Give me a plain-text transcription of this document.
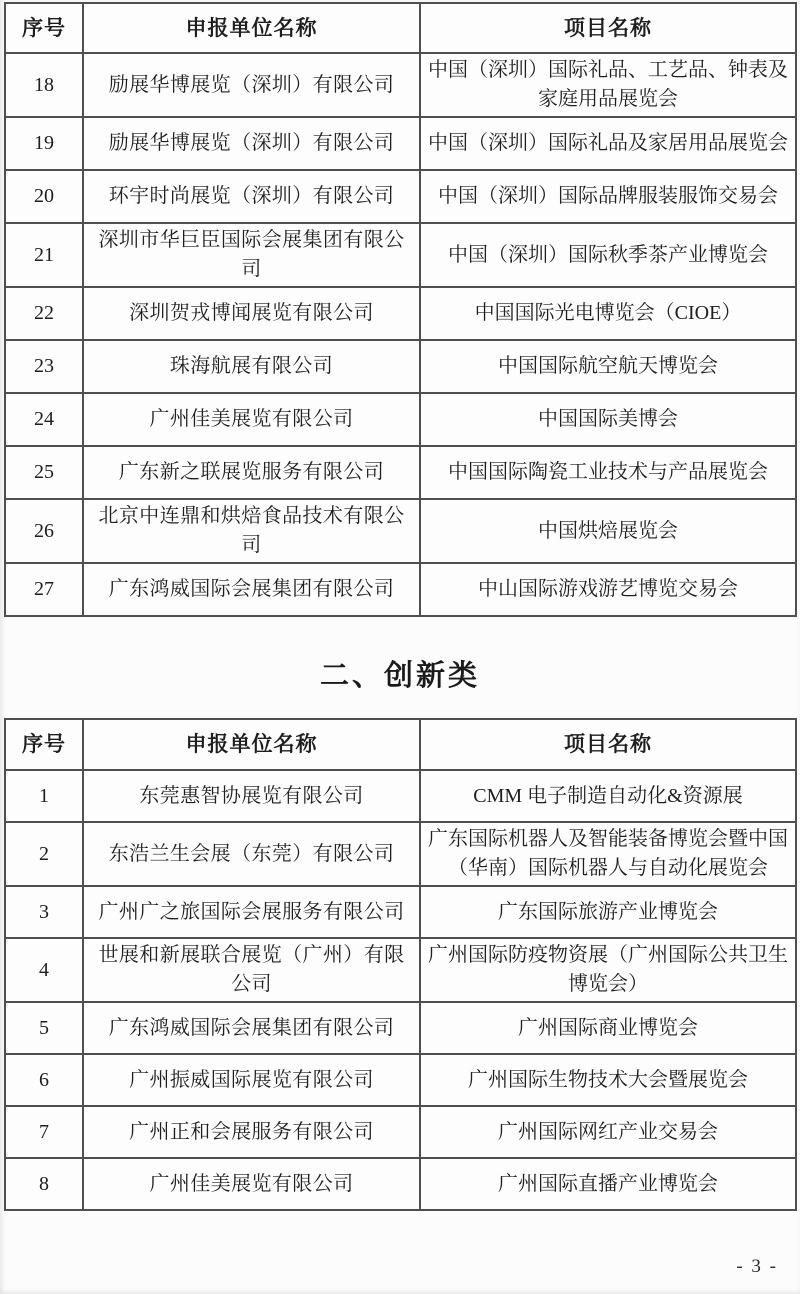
序号	申报单位名称	项目名称
18	励展华博展览（深圳）有限公司	中国（深圳）国际礼品、工艺品、钟表及家庭用品展览会
19	励展华博展览（深圳）有限公司	中国（深圳）国际礼品及家居用品展览会
20	环宇时尚展览（深圳）有限公司	中国（深圳）国际品牌服装服饰交易会
21	深圳市华巨臣国际会展集团有限公司	中国（深圳）国际秋季茶产业博览会
22	深圳贺戎博闻展览有限公司	中国国际光电博览会（CIOE）
23	珠海航展有限公司	中国国际航空航天博览会
24	广州佳美展览有限公司	中国国际美博会
25	广东新之联展览服务有限公司	中国国际陶瓷工业技术与产品展览会
26	北京中连鼎和烘焙食品技术有限公司	中国烘焙展览会
27	广东鸿威国际会展集团有限公司	中山国际游戏游艺博览交易会
二、创新类
序号	申报单位名称	项目名称
1	东莞惠智协展览有限公司	CMM 电子制造自动化&资源展
2	东浩兰生会展（东莞）有限公司	广东国际机器人及智能装备博览会暨中国（华南）国际机器人与自动化展览会
3	广州广之旅国际会展服务有限公司	广东国际旅游产业博览会
4	世展和新展联合展览（广州）有限公司	广州国际防疫物资展（广州国际公共卫生博览会）
5	广东鸿威国际会展集团有限公司	广州国际商业博览会
6	广州振威国际展览有限公司	广州国际生物技术大会暨展览会
7	广州正和会展服务有限公司	广州国际网红产业交易会
8	广州佳美展览有限公司	广州国际直播产业博览会
- 3 -
